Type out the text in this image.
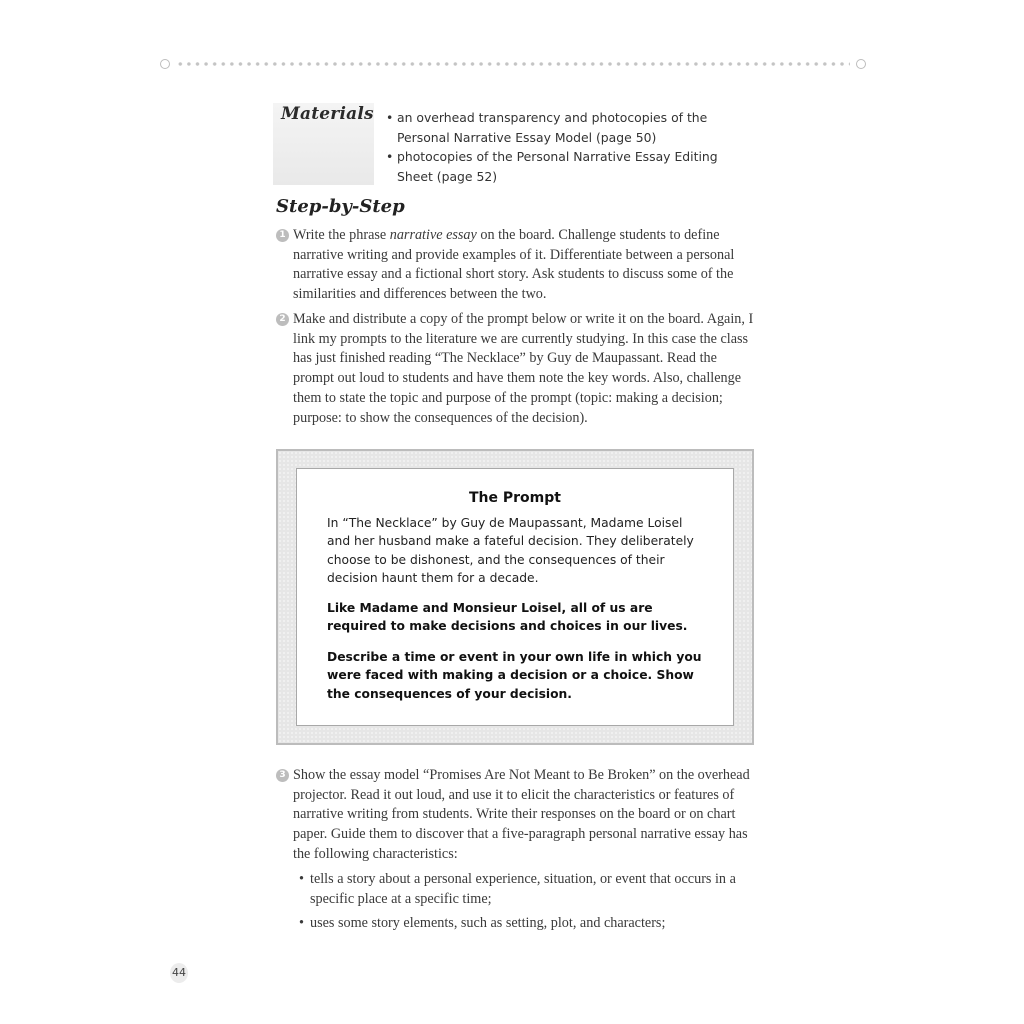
Materials
•	an overhead transparency and photocopies of the Personal Narrative Essay Model (page 50)
• photocopies of the Personal Narrative Essay Editing Sheet (page 52)
Step-by-Step
1 Write the phrase narrative essay on the board. Challenge students to define narrative writing and provide examples of it. Differentiate between a personal narrative essay and a fictional short story. Ask students to discuss some of the similarities and differences between the two.
2 Make and distribute a copy of the prompt below or write it on the board. Again, I link my prompts to the literature we are currently studying. In this case the class has just finished reading “The Necklace” by Guy de Maupassant. Read the prompt out loud to students and have them note the key words. Also, challenge them to state the topic and purpose of the prompt (topic: making a decision; purpose: to show the consequences of the decision).
The Prompt

In “The Necklace” by Guy de Maupassant, Madame Loisel and her husband make a fateful decision. They deliberately choose to be dishonest, and the consequences of their decision haunt them for a decade.

Like Madame and Monsieur Loisel, all of us are required to make decisions and choices in our lives.

Describe a time or event in your own life in which you were faced with making a decision or a choice. Show the consequences of your decision.

3 Show the essay model “Promises Are Not Meant to Be Broken” on the overhead projector. Read it out loud, and use it to elicit the characteristics or features of narrative writing from students. Write their responses on the board or on chart paper. Guide them to discover that a five-paragraph personal narrative essay has the following characteristics:
• tells a story about a personal experience, situation, or event that occurs in a specific place at a specific time;
• uses some story elements, such as setting, plot, and characters;
44
